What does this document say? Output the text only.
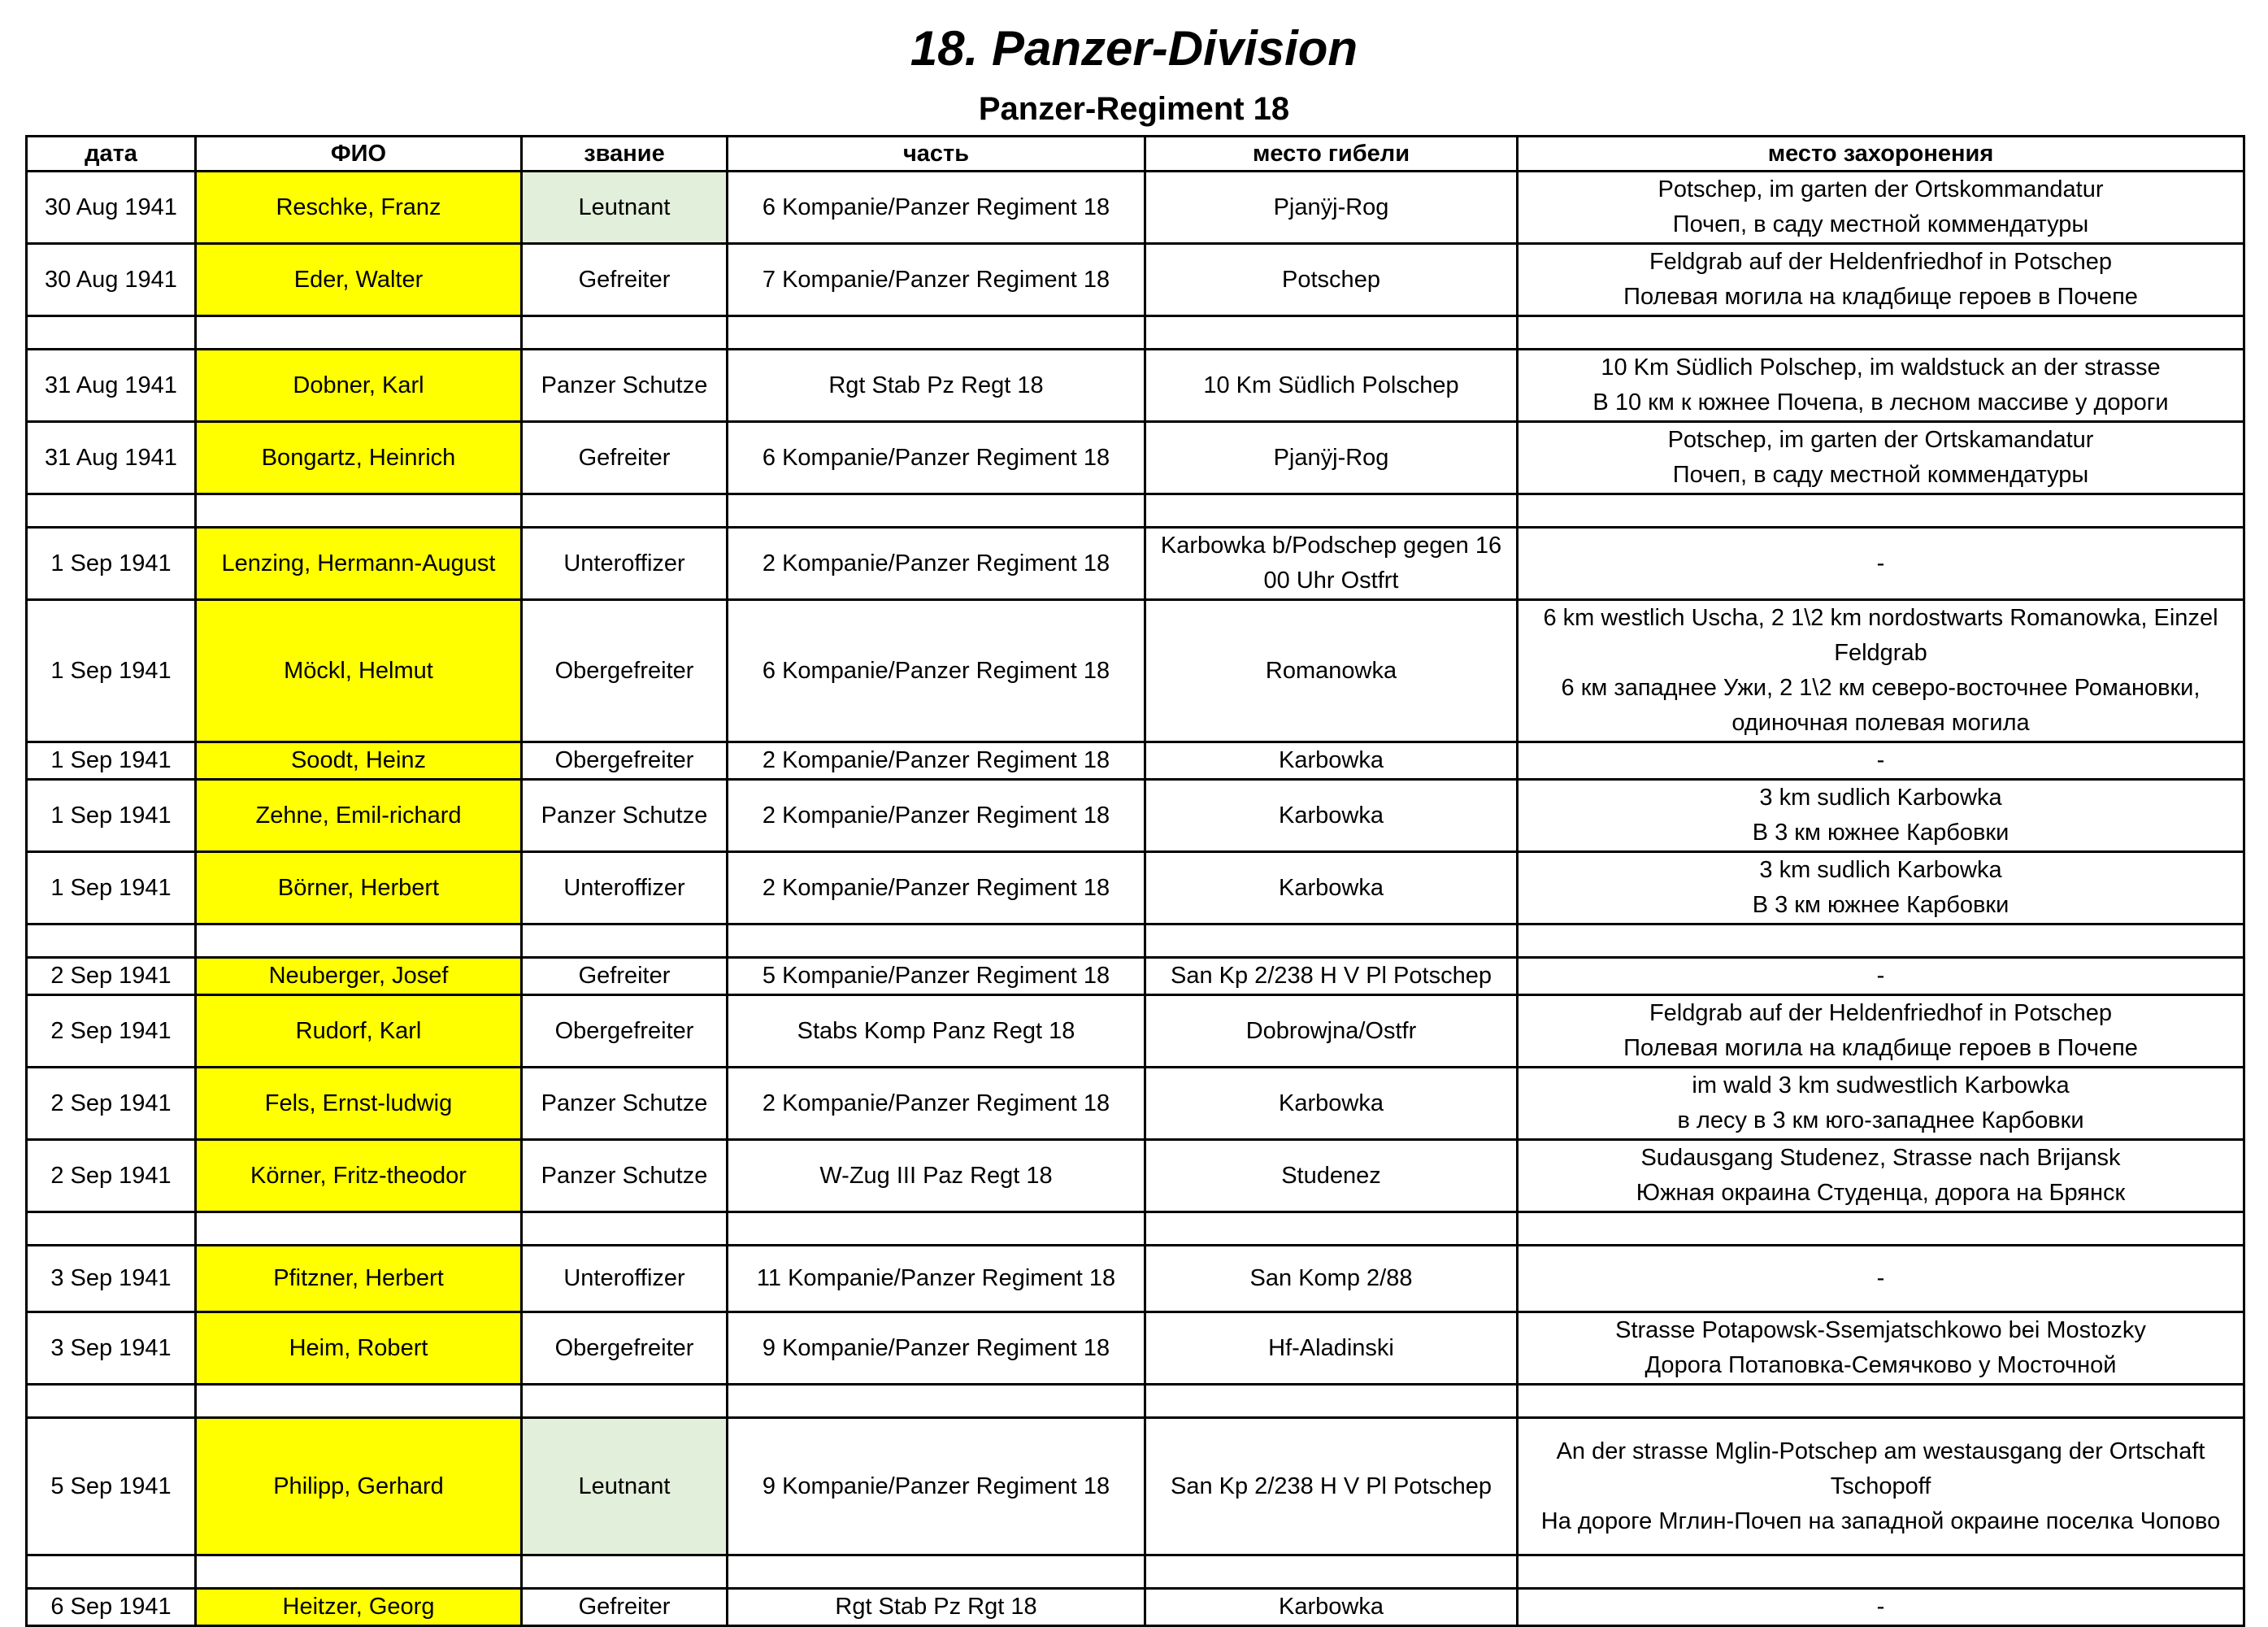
18. Panzer-Division
Panzer-Regiment 18
дата	ФИО	звание	часть	место гибели	место захоронения
30 Aug 1941	Reschke, Franz	Leutnant	6 Kompanie/Panzer Regiment 18	Pjanÿj-Rog	Potschep, im garten der Ortskommandatur
Почеп, в саду местной коммендатуры

30 Aug 1941	Eder, Walter	Gefreiter	7 Kompanie/Panzer Regiment 18	Potschep	Feldgrab auf der Heldenfriedhof in Potschep
Полевая могила на кладбище героев в Почепе

31 Aug 1941	Dobner, Karl	Panzer Schutze	Rgt Stab Pz Regt 18	10 Km Südlich Polschep	10 Km Südlich Polschep, im waldstuck an der strasse
В 10 км к южнее Почепа, в лесном массиве у дороги

31 Aug 1941	Bongartz, Heinrich	Gefreiter	6 Kompanie/Panzer Regiment 18	Pjanÿj-Rog	Potschep, im garten der Ortskamandatur
Почеп, в саду местной коммендатуры

1 Sep 1941	Lenzing, Hermann-August	Unteroffizer	2 Kompanie/Panzer Regiment 18	Karbowka b/Podschep gegen 16 00 Uhr Ostfrt	-
1 Sep 1941	Möckl, Helmut	Obergefreiter	6 Kompanie/Panzer Regiment 18	Romanowka	6 km westlich Uscha, 2 1\2 km nordostwarts Romanowka, Einzel Feldgrab
6 км западнее Ужи, 2 1\2 км северо-восточнее Романовки, одиночная полевая могила

1 Sep 1941	Soodt, Heinz	Obergefreiter	2 Kompanie/Panzer Regiment 18	Karbowka	-
1 Sep 1941	Zehne, Emil-richard	Panzer Schutze	2 Kompanie/Panzer Regiment 18	Karbowka	3 km sudlich Karbowka
В 3 км южнее Карбовки

1 Sep 1941	Börner, Herbert	Unteroffizer	2 Kompanie/Panzer Regiment 18	Karbowka	3 km sudlich Karbowka
В 3 км южнее Карбовки

2 Sep 1941	Neuberger, Josef	Gefreiter	5 Kompanie/Panzer Regiment 18	San Kp 2/238 H V Pl Potschep	-
2 Sep 1941	Rudorf, Karl	Obergefreiter	Stabs Komp Panz Regt 18	Dobrowjna/Ostfr	Feldgrab auf der Heldenfriedhof in Potschep
Полевая могила на кладбище героев в Почепе

2 Sep 1941	Fels, Ernst-ludwig	Panzer Schutze	2 Kompanie/Panzer Regiment 18	Karbowka	im wald 3 km sudwestlich Karbowka
в лесу в 3 км юго-западнее Карбовки

2 Sep 1941	Körner, Fritz-theodor	Panzer Schutze	W-Zug III Paz Regt 18	Studenez	Sudausgang Studenez, Strasse nach Brijansk
Южная окраина Студенца, дорога на Брянск

3 Sep 1941	Pfitzner, Herbert	Unteroffizer	11 Kompanie/Panzer Regiment 18	San Komp 2/88	-
3 Sep 1941	Heim, Robert	Obergefreiter	9 Kompanie/Panzer Regiment 18	Hf-Aladinski	Strasse Potapowsk-Ssemjatschkowo bei Mostozky
Дорога Потаповка-Семячково у Мосточной

5 Sep 1941	Philipp, Gerhard	Leutnant	9 Kompanie/Panzer Regiment 18	San Kp 2/238 H V Pl Potschep	An der strasse Mglin-Potschep am westausgang der Ortschaft Tschopoff
На дороге Мглин-Почеп на западной окраине поселка Чопово

6 Sep 1941	Heitzer, Georg	Gefreiter	Rgt Stab Pz Rgt 18	Karbowka	-
